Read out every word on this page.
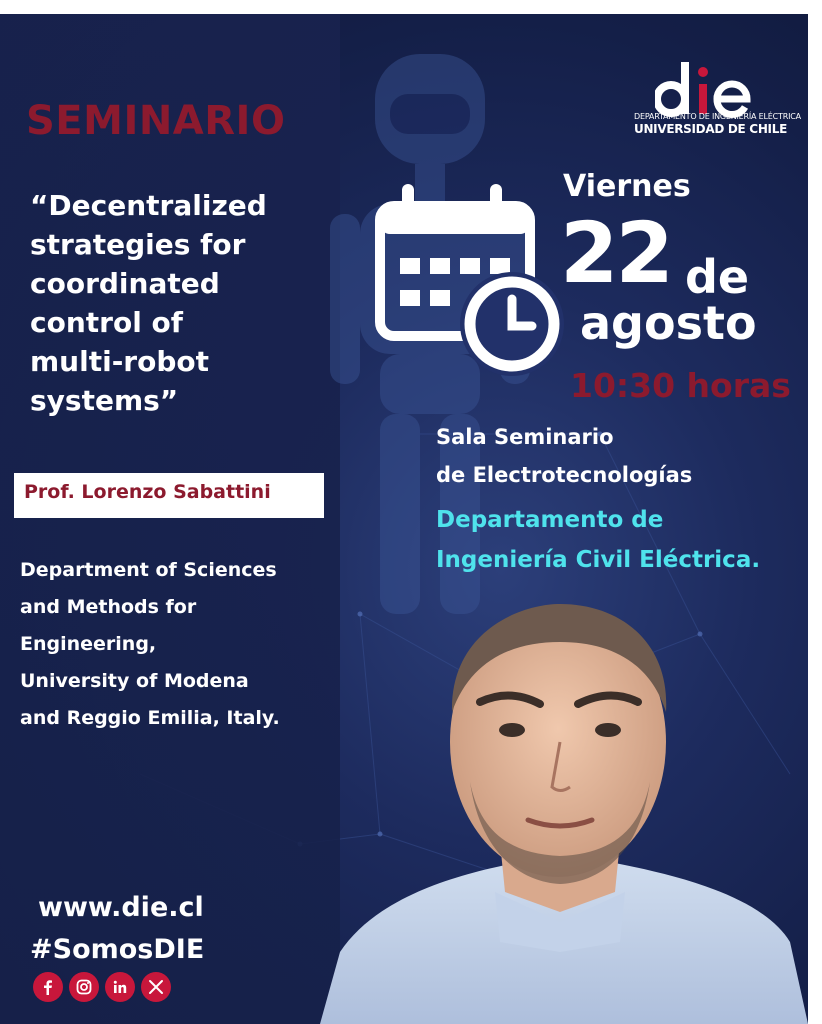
SEMINARIO
“Decentralized
strategies for
coordinated
control of
multi-robot
systems”
Prof. Lorenzo Sabattini
Department of Sciences
and Methods for
Engineering,
University of Modena
and Reggio Emilia, Italy.
DEPARTAMENTO DE INGENIERÍA ELÉCTRICA
UNIVERSIDAD DE CHILE
Viernes
22 de
agosto
10:30 horas
Sala Seminario
de Electrotecnologías
Departamento de
Ingeniería Civil Eléctrica.
www.die.cl
#SomosDIE
